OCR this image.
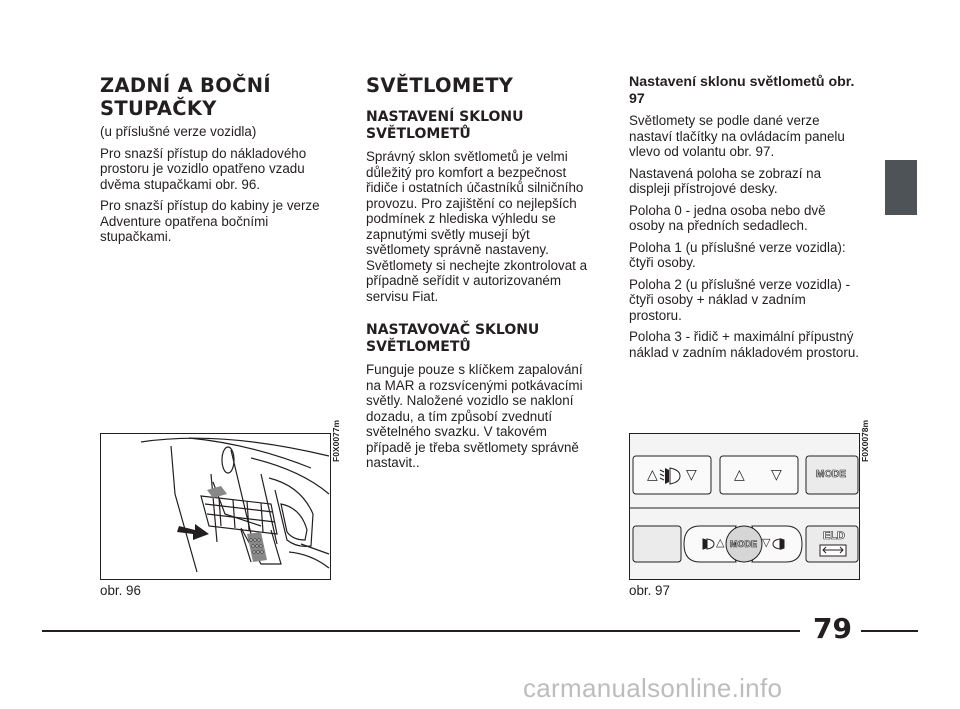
ZADNÍ A BOČNÍ STUPAČKY

(u příslušné verze vozidla)

Pro snazší přístup do nákladového prostoru je vozidlo opatřeno vzadu dvěma stupačkami obr. 96.

Pro snazší přístup do kabiny je verze Adventure opatřena bočními stupačkami.

SVĚTLOMETY
NASTAVENÍ SKLONU SVĚTLOMETŮ

Správný sklon světlometů je velmi důležitý pro komfort a bezpečnost řidiče i ostatních účastníků silničního provozu. Pro zajištění co nejlepších podmínek z hlediska výhledu se zapnutými světly musejí být světlomety správně nastaveny. Světlomety si nechejte zkontrolovat a případně seřídit v autorizovaném servisu Fiat.

NASTAVOVAČ SKLONU SVĚTLOMETŮ

Funguje pouze s klíčkem zapalování na MAR a rozsvícenými potkávacími světly. Naložené vozidlo se nakloní dozadu, a tím způsobí zvednutí světelného svazku. V takovém případě je třeba světlomety správně nastavit..

Nastavení sklonu světlometů obr. 97

Světlomety se podle dané verze nastaví tlačítky na ovládacím panelu vlevo od volantu obr. 97.

Nastavená poloha se zobrazí na displeji přístrojové desky.

Poloha 0 - jedna osoba nebo dvě osoby na předních sedadlech.

Poloha 1 (u příslušné verze vozidla): čtyři osoby.

Poloha 2 (u příslušné verze vozidla) - čtyři osoby + náklad v zadním prostoru.

Poloha 3 - řidič + maximální přípustný náklad v zadním nákladovém prostoru.

F0X0077m
obr. 96
△ ▽	△ ▽	MODE
△ MODE ▽
ELD
F0X0078m
obr. 97
79
carmanualsonline.info
